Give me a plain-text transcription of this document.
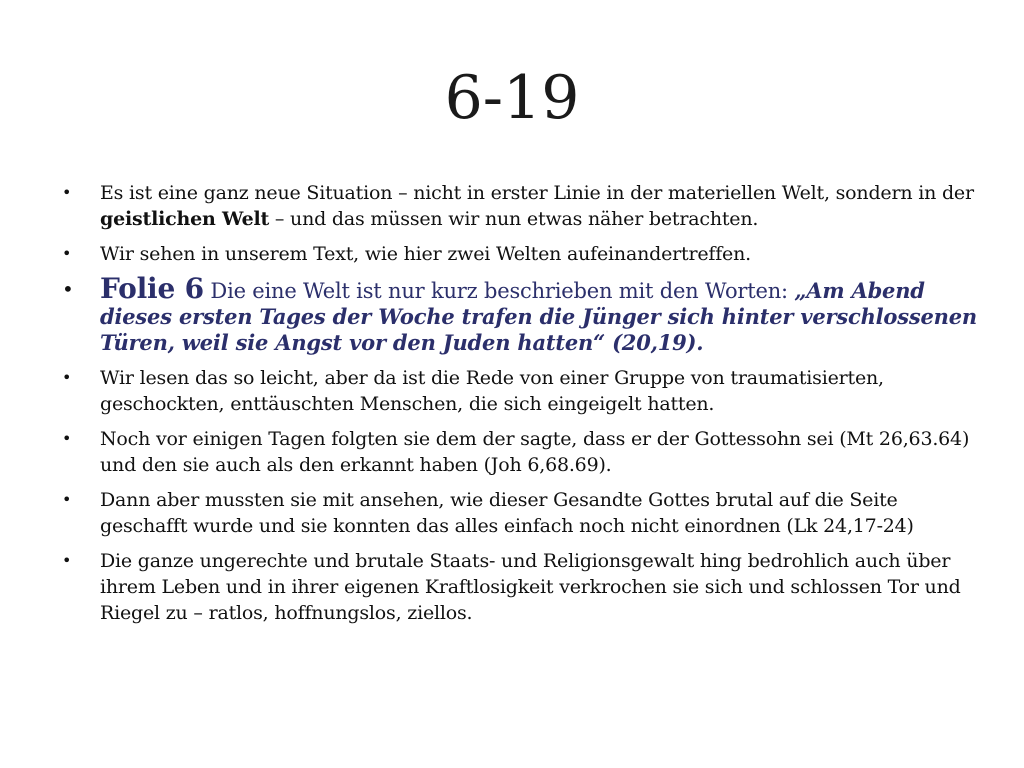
6-19
• Es ist eine ganz neue Situation – nicht in erster Linie in der materiellen Welt, sondern in der geistlichen Welt – und das müssen wir nun etwas näher betrachten.
• Wir sehen in unserem Text, wie hier zwei Welten aufeinandertreffen.
• Folie 6 Die eine Welt ist nur kurz beschrieben mit den Worten: „Am Abend dieses ersten Tages der Woche trafen die Jünger sich hinter verschlossenen Türen, weil sie Angst vor den Juden hatten“ (20,19).
• Wir lesen das so leicht, aber da ist die Rede von einer Gruppe von traumatisierten, geschockten, enttäuschten Menschen, die sich eingeigelt hatten.
• Noch vor einigen Tagen folgten sie dem der sagte, dass er der Gottessohn sei (Mt 26,63.64) und den sie auch als den erkannt haben (Joh 6,68.69).
• Dann aber mussten sie mit ansehen, wie dieser Gesandte Gottes brutal auf die Seite geschafft wurde und sie konnten das alles einfach noch nicht einordnen (Lk 24,17-24)
• Die ganze ungerechte und brutale Staats- und Religionsgewalt hing bedrohlich auch über ihrem Leben und in ihrer eigenen Kraftlosigkeit verkrochen sie sich und schlossen Tor und Riegel zu – ratlos, hoffnungslos, ziellos.
